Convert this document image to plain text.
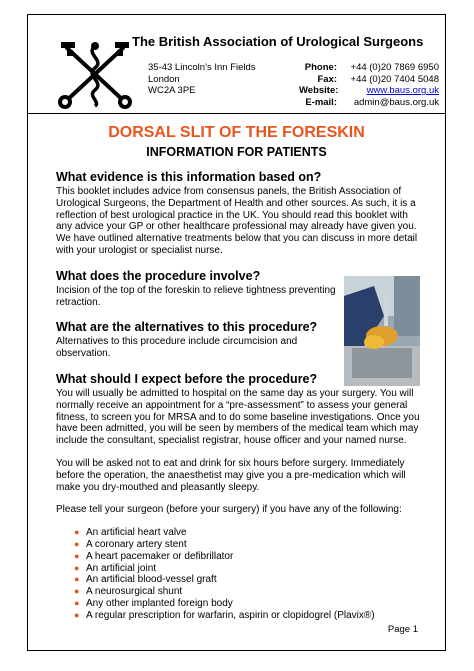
The British Association of Urological Surgeons
35-43 Lincoln’s Inn Fields
London
WC2A 3PE
Phone: +44 (0)20 7869 6950
Fax: +44 (0)20 7404 5048
Website:	www.baus.org.uk
E-mail:	admin@baus.org.uk
DORSAL SLIT OF THE FORESKIN
INFORMATION FOR PATIENTS
What evidence is this information based on?

This booklet includes advice from consensus panels, the British Association of Urological Surgeons, the Department of Health and other sources. As such, it is a reflection of best urological practice in the UK. You should read this booklet with any advice your GP or other healthcare professional may already have given you. We have outlined alternative treatments below that you can discuss in more detail with your urologist or specialist nurse.

What does the procedure involve?

Incision of the top of the foreskin to relieve tightness preventing retraction.

What are the alternatives to this procedure?

Alternatives to this procedure include circumcision and observation.

What should I expect before the procedure?

You will usually be admitted to hospital on the same day as your surgery. You will normally receive an appointment for a “pre-assessment” to assess your general fitness, to screen you for MRSA and to do some baseline investigations. Once you have been admitted, you will be seen by members of the medical team which may include the consultant, specialist registrar, house officer and your named nurse.

You will be asked not to eat and drink for six hours before surgery. Immediately before the operation, the anaesthetist may give you a pre-medication which will make you dry-mouthed and pleasantly sleepy.

Please tell your surgeon (before your surgery) if you have any of the following:

● An artificial heart valve
● A coronary artery stent
● A heart pacemaker or defibrillator
● An artificial joint
● An artificial blood-vessel graft
● A neurosurgical shunt
● Any other implanted foreign body
● A regular prescription for warfarin, aspirin or clopidogrel (Plavix®)
Page 1
